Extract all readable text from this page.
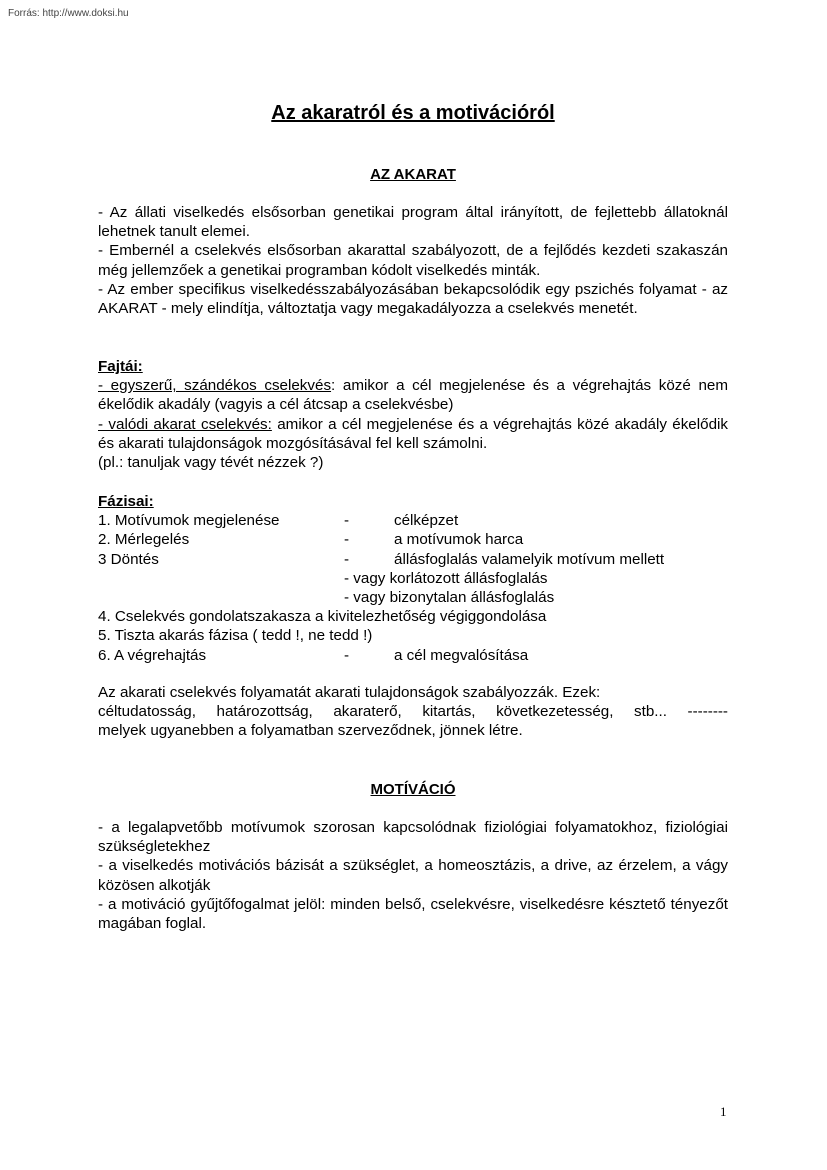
Forrás: http://www.doksi.hu
Az akaratról és a motivációról
AZ AKARAT

- Az állati viselkedés elsősorban genetikai program által irányított, de fejlettebb állatoknál lehetnek tanult elemei.

- Embernél a cselekvés elsősorban akarattal szabályozott, de a fejlődés kezdeti szakaszán még jellemzőek a genetikai programban kódolt viselkedés minták.

- Az ember specifikus viselkedésszabályozásában bekapcsolódik egy pszichés folyamat - az AKARAT - mely elindítja, változtatja vagy megakadályozza a cselekvés menetét.

Fajtái:

- egyszerű, szándékos cselekvés: amikor a cél megjelenése és a végrehajtás közé nem ékelődik akadály (vagyis a cél átcsap a cselekvésbe)

- valódi akarat cselekvés: amikor a cél megjelenése és a végrehajtás közé akadály ékelődik és akarati tulajdonságok mozgósításával fel kell számolni.

(pl.: tanuljak vagy tévét nézzek ?)

Fázisai:

1. Motívumok megjelenése	-	célképzet
2. Mérlegelés	-	a motívumok harca
3 Döntés	-	állásfoglalás valamelyik motívum mellett
- vagy korlátozott állásfoglalás
- vagy bizonytalan állásfoglalás
4. Cselekvés gondolatszakasza a kivitelezhetőség végiggondolása
5. Tiszta akarás fázisa ( tedd !, ne tedd !)
6. A végrehajtás	-	a cél megvalósítása

Az akarati cselekvés folyamatát akarati tulajdonságok szabályozzák. Ezek:

céltudatosság, határozottság, akaraterő, kitartás, következetesség, stb... --------

melyek ugyanebben a folyamatban szerveződnek, jönnek létre.

MOTÍVÁCIÓ

- a legalapvetőbb motívumok szorosan kapcsolódnak fiziológiai folyamatokhoz, fiziológiai szükségletekhez

- a viselkedés motivációs bázisát a szükséglet, a homeosztázis, a drive, az érzelem, a vágy közösen alkotják

- a motiváció gyűjtőfogalmat jelöl: minden belső, cselekvésre, viselkedésre késztető tényezőt magában foglal.

1
